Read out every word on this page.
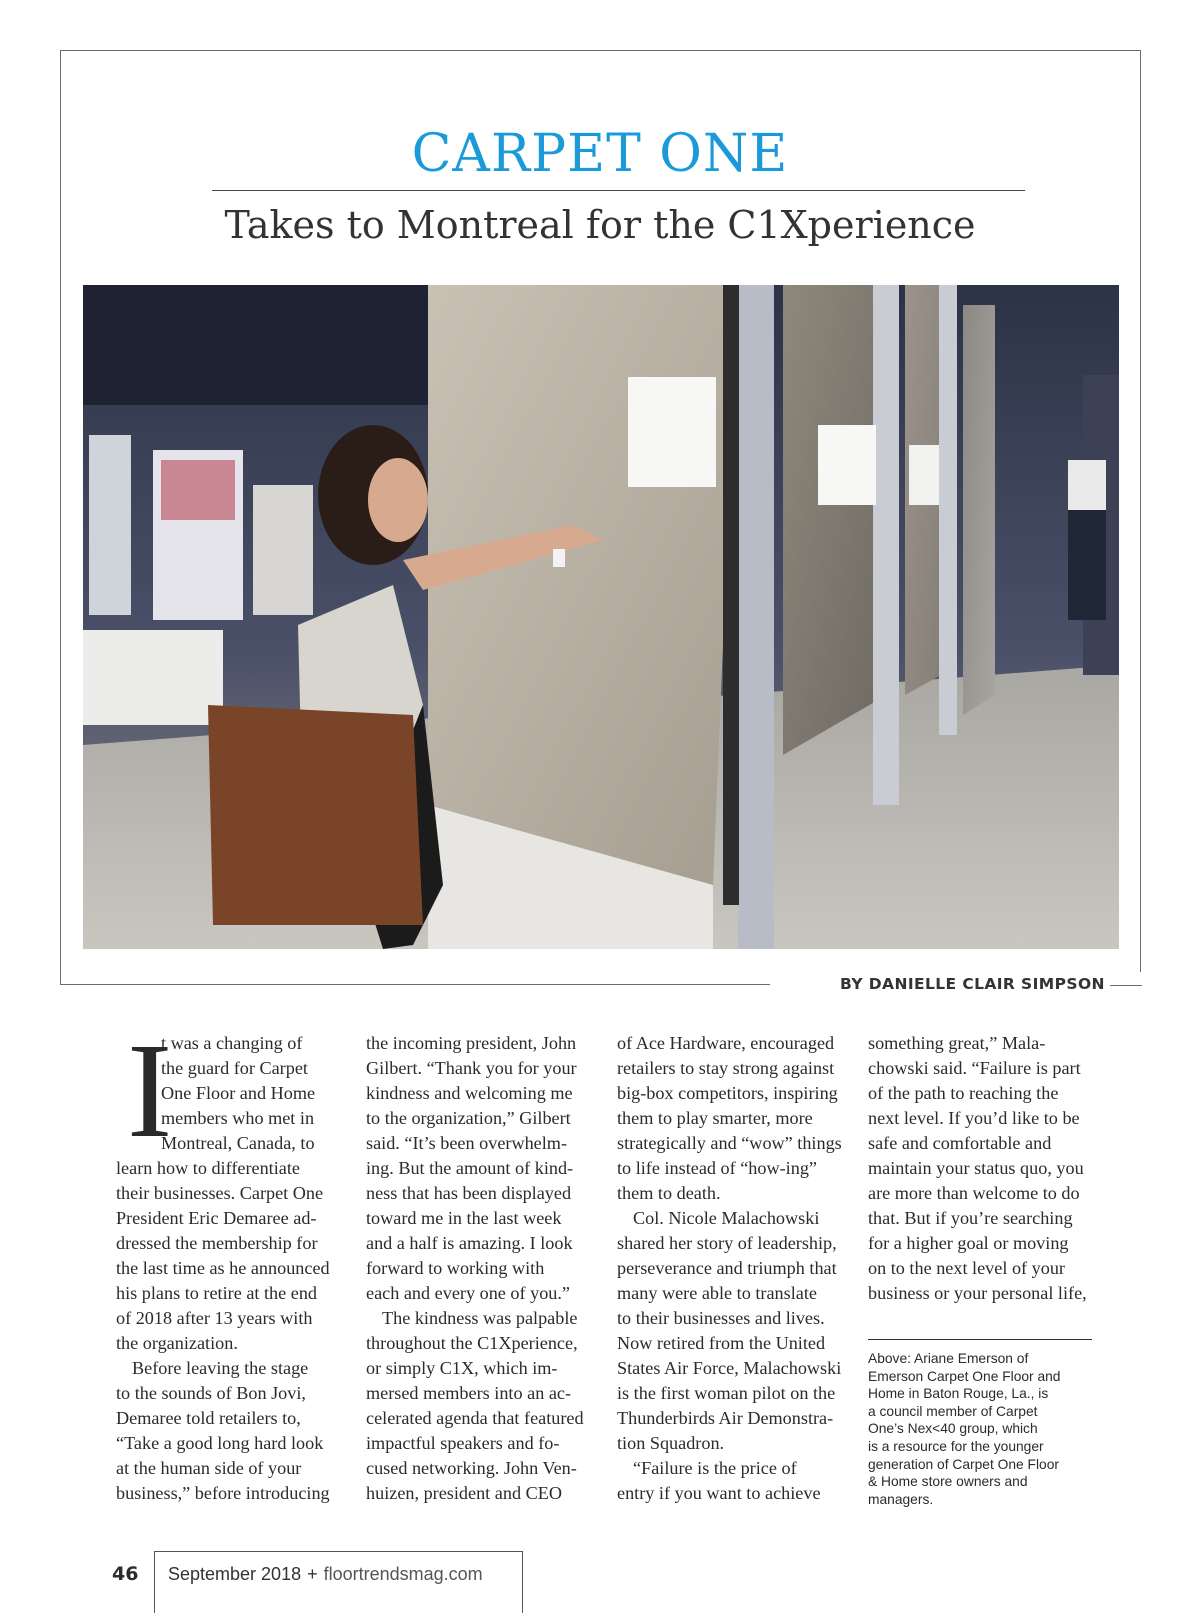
CARPET ONE
Takes to Montreal for the C1Xperience
BY DANIELLE CLAIR SIMPSON
I

t was a changing of
the guard for Carpet
One Floor and Home
members who met in
Montreal, Canada, to
learn how to differentiate
their businesses. Carpet One
President Eric Demaree ad-
dressed the membership for
the last time as he announced
his plans to retire at the end
of 2018 after 13 years with
the organization.

Before leaving the stage
to the sounds of Bon Jovi,
Demaree told retailers to,
“Take a good long hard look
at the human side of your
business,” before introducing

the incoming president, John
Gilbert. “Thank you for your
kindness and welcoming me
to the organization,” Gilbert
said. “It’s been overwhelm-
ing. But the amount of kind-
ness that has been displayed
toward me in the last week
and a half is amazing. I look
forward to working with
each and every one of you.”

The kindness was palpable
throughout the C1Xperience,
or simply C1X, which im-
mersed members into an ac-
celerated agenda that featured
impactful speakers and fo-
cused networking. John Ven-
huizen, president and CEO

of Ace Hardware, encouraged
retailers to stay strong against
big-box competitors, inspiring
them to play smarter, more
strategically and “wow” things
to life instead of “how-ing”
them to death.

Col. Nicole Malachowski
shared her story of leadership,
perseverance and triumph that
many were able to translate
to their businesses and lives.
Now retired from the United
States Air Force, Malachowski
is the first woman pilot on the
Thunderbirds Air Demonstra-
tion Squadron.

“Failure is the price of
entry if you want to achieve

something great,” Mala-
chowski said. “Failure is part
of the path to reaching the
next level. If you’d like to be
safe and comfortable and
maintain your status quo, you
are more than welcome to do
that. But if you’re searching
for a higher goal or moving
on to the next level of your
business or your personal life,

Above: Ariane Emerson of
Emerson Carpet One Floor and
Home in Baton Rouge, La., is
a council member of Carpet
One’s Nex<40 group, which
is a resource for the younger
generation of Carpet One Floor
& Home store owners and
managers.
46 September 2018 + floortrendsmag.com
